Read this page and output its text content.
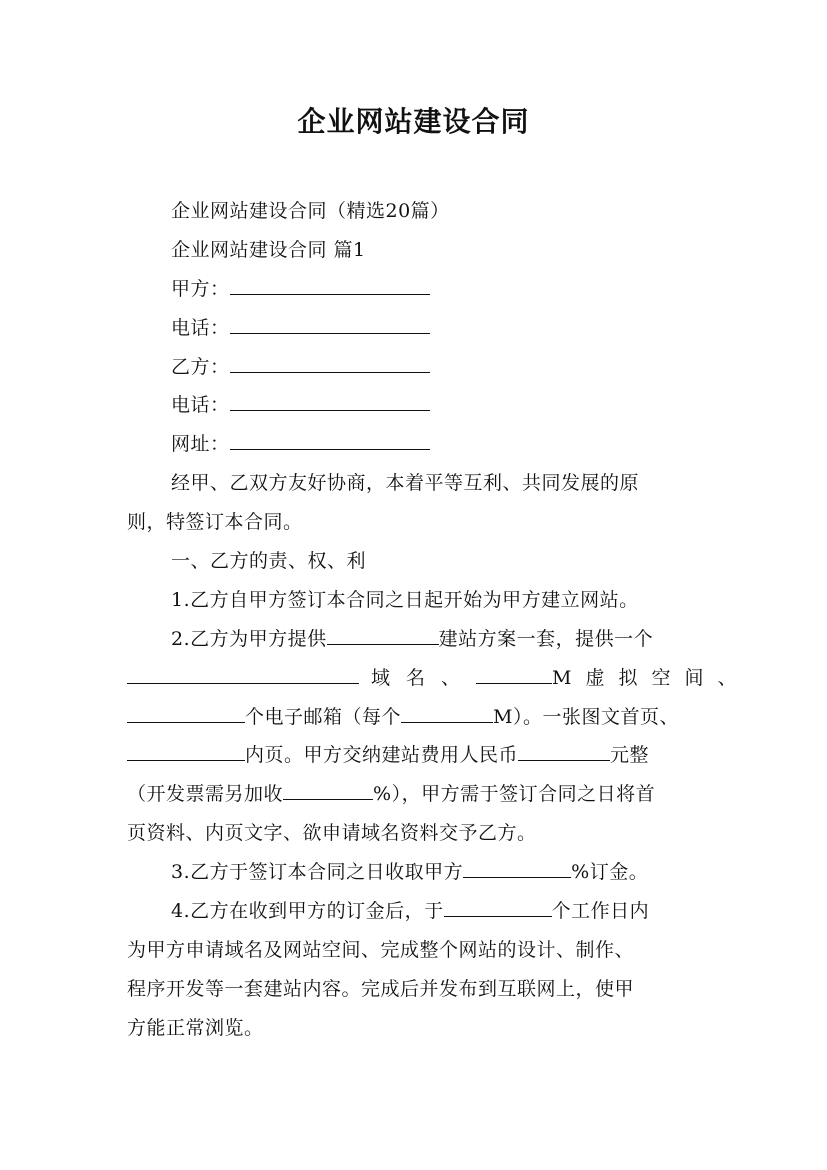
企业网站建设合同
企业网站建设合同（精选20篇）
企业网站建设合同 篇1
甲方：
电话：
乙方：
电话：
网址：
经甲、乙双方友好协商，本着平等互利、共同发展的原
则，特签订本合同。
一、乙方的责、权、利
1.乙方自甲方签订本合同之日起开始为甲方建立网站。
2.乙方为甲方提供	建站方案一套，提供一个
域名、	M虚拟空间、
个电子邮箱（每个	M）。一张图文首页、
内页。甲方交纳建站费用人民币	元整
（开发票需另加收	%），甲方需于签订合同之日将首
页资料、内页文字、欲申请域名资料交予乙方。
3.乙方于签订本合同之日收取甲方	%订金。
4.乙方在收到甲方的订金后，于	个工作日内
为甲方申请域名及网站空间、完成整个网站的设计、制作、
程序开发等一套建站内容。完成后并发布到互联网上，使甲
方能正常浏览。
